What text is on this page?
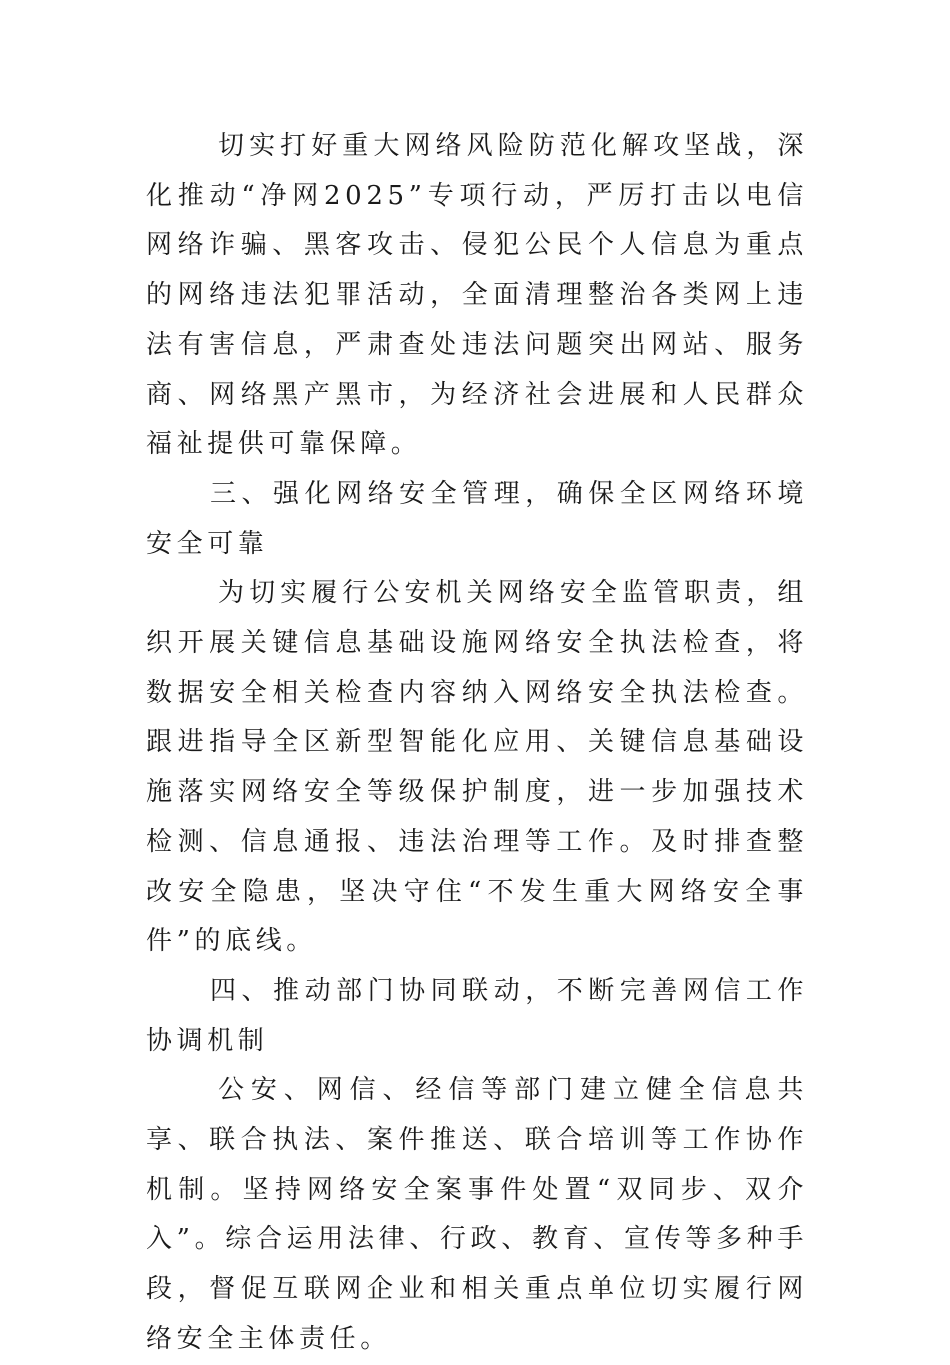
切实打好重大网络风险防范化解攻坚战，深化推动“净网2025”专项行动，严厉打击以电信网络诈骗、黑客攻击、侵犯公民个人信息为重点的网络违法犯罪活动，全面清理整治各类网上违法有害信息，严肃查处违法问题突出网站、服务商、网络黑产黑市，为经济社会进展和人民群众福祉提供可靠保障。

三、强化网络安全管理，确保全区网络环境安全可靠

为切实履行公安机关网络安全监管职责，组织开展关键信息基础设施网络安全执法检查，将数据安全相关检查内容纳入网络安全执法检查。跟进指导全区新型智能化应用、关键信息基础设施落实网络安全等级保护制度，进一步加强技术检测、信息通报、违法治理等工作。及时排查整改安全隐患，坚决守住“不发生重大网络安全事件”的底线。

四、推动部门协同联动，不断完善网信工作协调机制

公安、网信、经信等部门建立健全信息共享、联合执法、案件推送、联合培训等工作协作机制。坚持网络安全案事件处置“双同步、双介入”。综合运用法律、行政、教育、宣传等多种手段，督促互联网企业和相关重点单位切实履行网络安全主体责任。
